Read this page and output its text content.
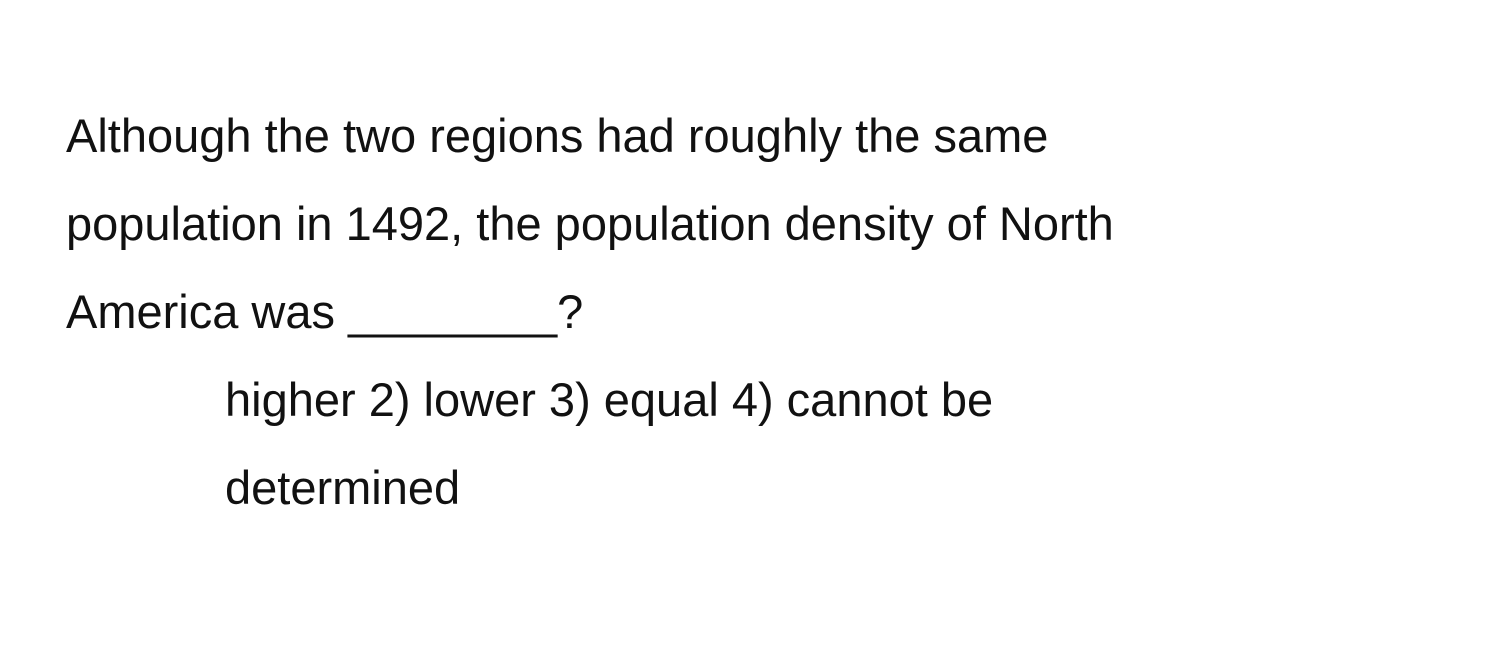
Although the two regions had roughly the same
population in 1492, the population density of North
America was ________?

higher 2) lower 3) equal 4) cannot be
determined
